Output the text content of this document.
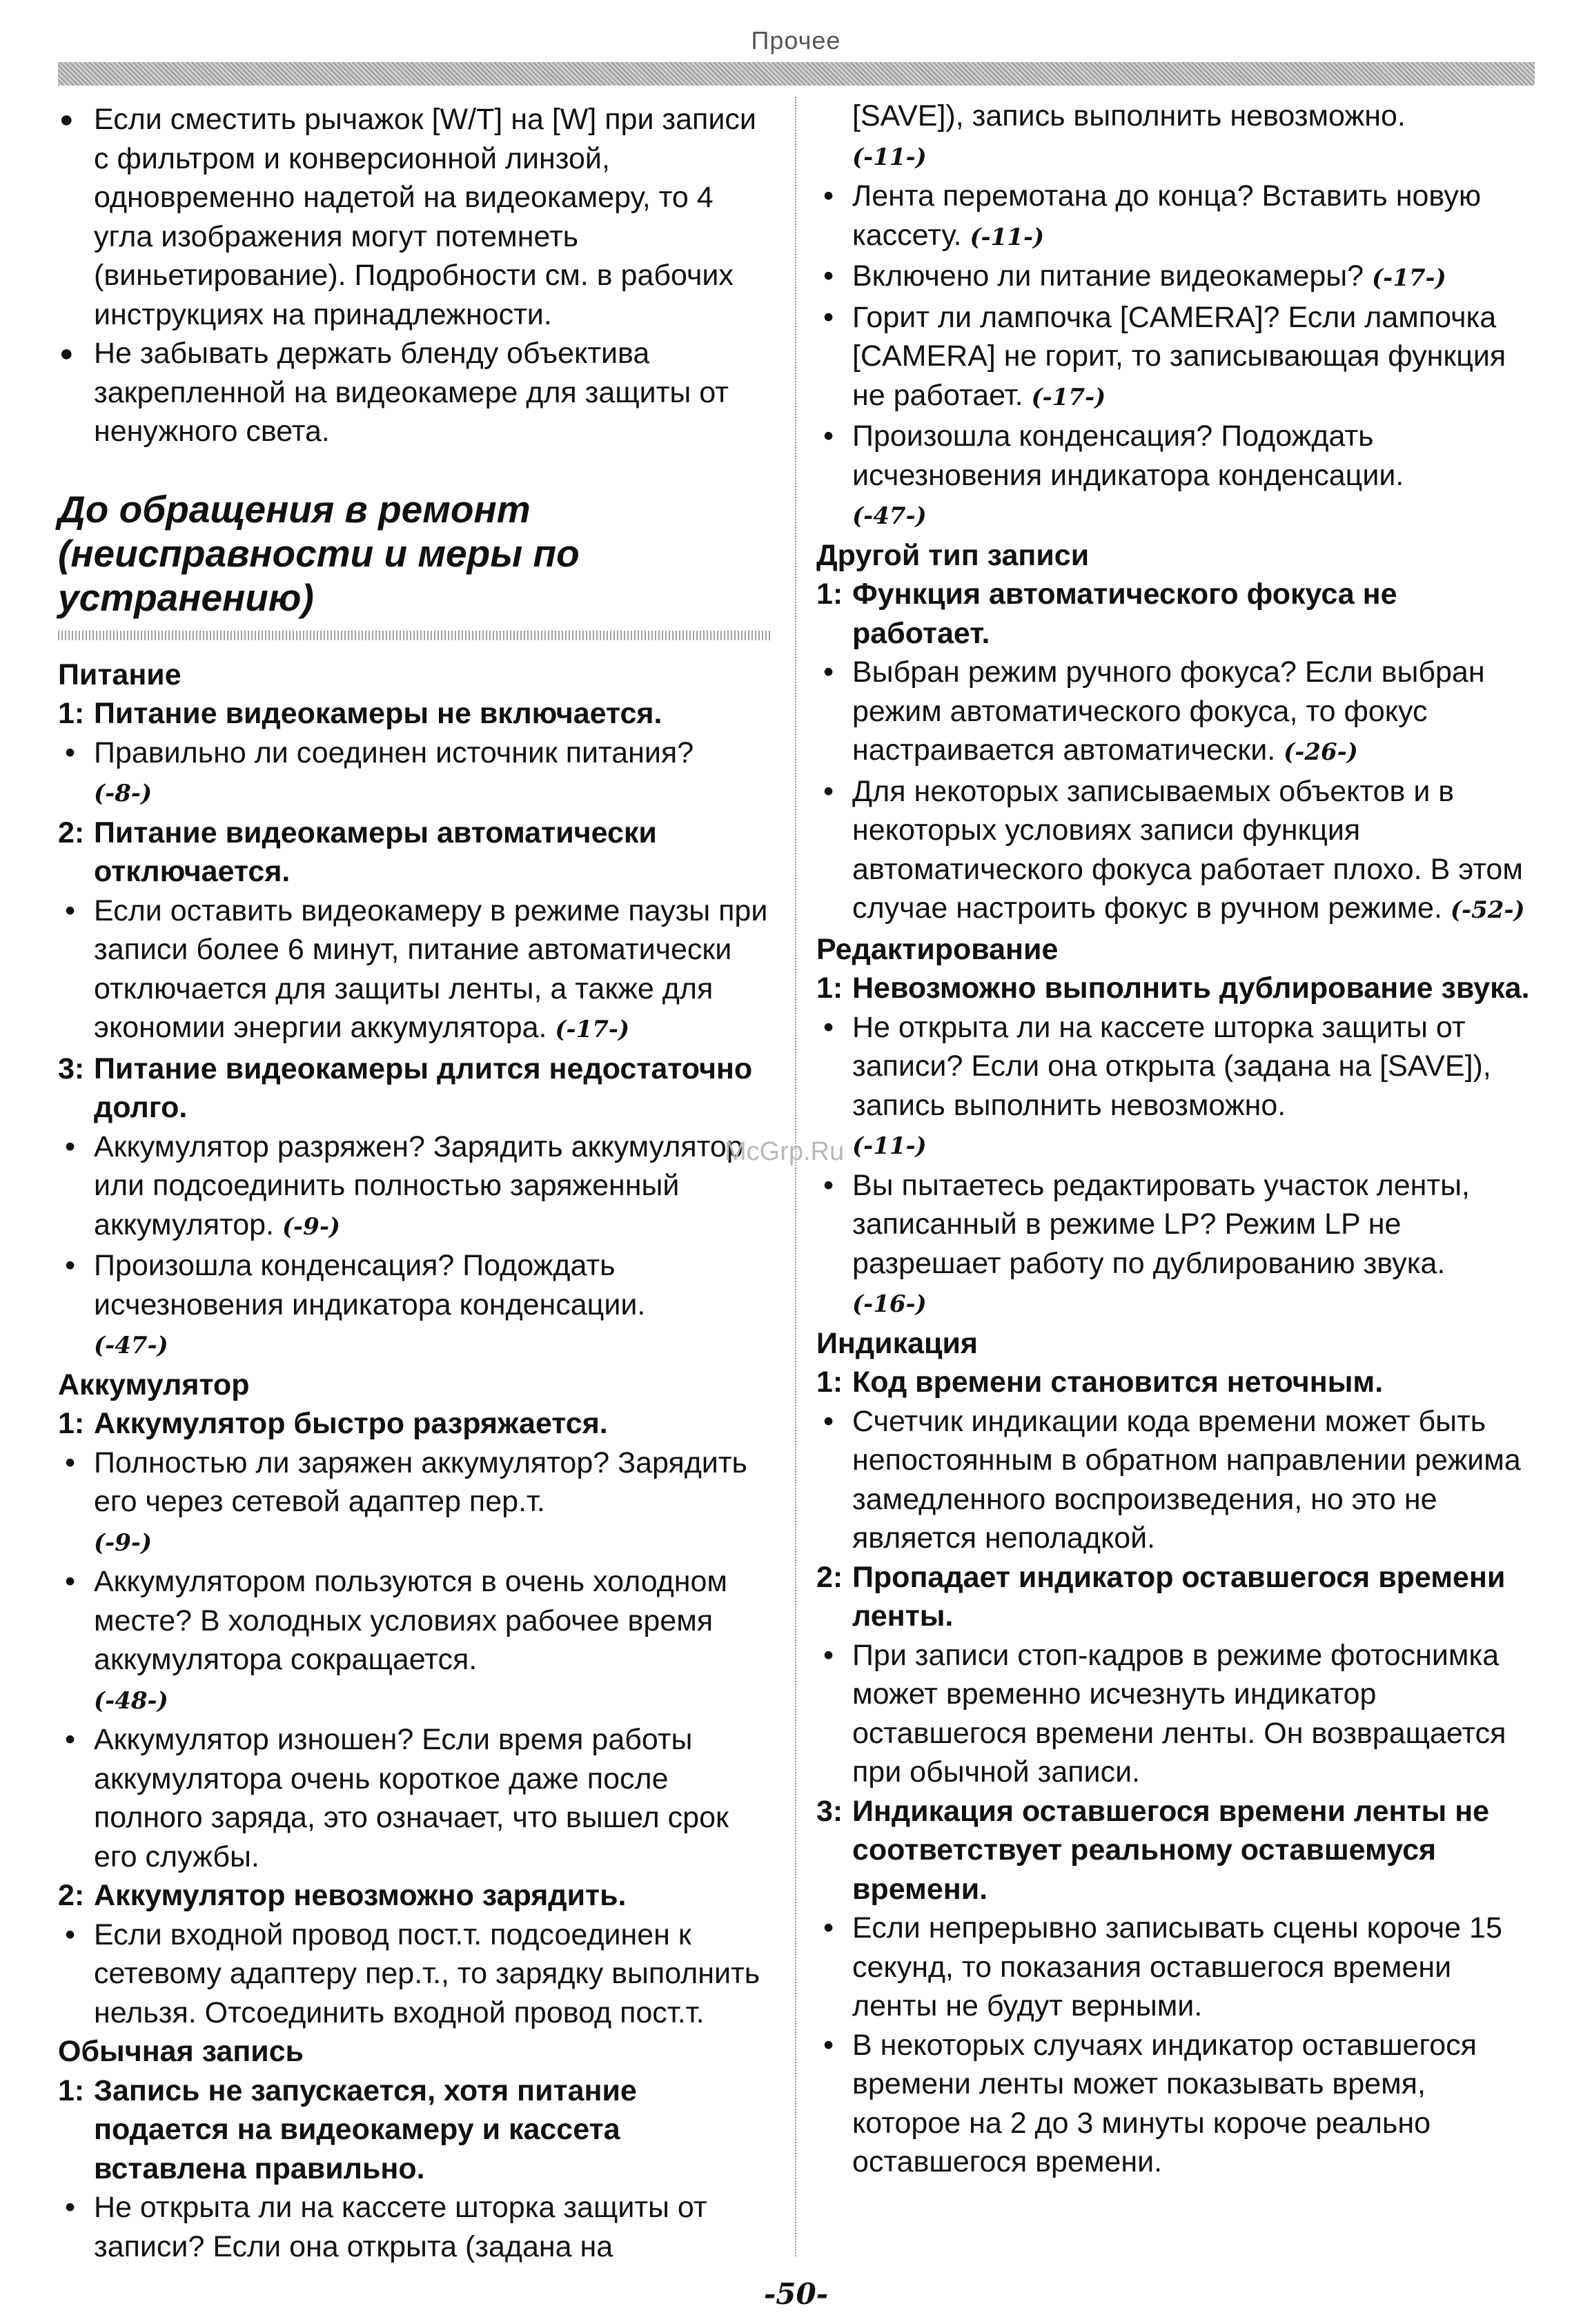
Прочее
● Если сместить рычажок [W/T] на [W] при записи с фильтром и конверсионной линзой, одновременно надетой на видеокамеру, то 4 угла изображения могут потемнеть (виньетирование). Подробности см. в рабочих инструкциях на принадлежности.
● Не забывать держать бленду объектива закрепленной на видеокамере для защиты от ненужного света.
До обращения в ремонт (неисправности и меры по устранению)
Питание
1: Питание видеокамеры не включается.
• Правильно ли соединен источник питания?
(-8-)
2: Питание видеокамеры автоматически отключается.
• Если оставить видеокамеру в режиме паузы при записи более 6 минут, питание автоматически отключается для защиты ленты, а также для экономии энергии аккумулятора. (-17-)
3: Питание видеокамеры длится недостаточно долго.
• Аккумулятор разряжен? Зарядить аккумулятор или подсоединить полностью заряженный аккумулятор. (-9-)
• Произошла конденсация? Подождать исчезновения индикатора конденсации.
(-47-)
Аккумулятор
1: Аккумулятор быстро разряжается.
• Полностью ли заряжен аккумулятор? Зарядить его через сетевой адаптер пер.т.
(-9-)
• Аккумулятором пользуются в очень холодном месте? В холодных условиях рабочее время аккумулятора сокращается.
(-48-)
• Аккумулятор изношен? Если время работы аккумулятора очень короткое даже после полного заряда, это означает, что вышел срок его службы.
2: Аккумулятор невозможно зарядить.
• Если входной провод пост.т. подсоединен к сетевому адаптеру пер.т., то зарядку выполнить нельзя. Отсоединить входной провод пост.т.
Обычная запись
1: Запись не запускается, хотя питание подается на видеокамеру и кассета вставлена правильно.
• Не открыта ли на кассете шторка защиты от записи? Если она открыта (задана на
[SAVE]), запись выполнить невозможно.
(-11-)
• Лента перемотана до конца? Вставить новую кассету. (-11-)
• Включено ли питание видеокамеры? (-17-)
• Горит ли лампочка [CAMERA]? Если лампочка [CAMERA] не горит, то записывающая функция не работает. (-17-)
• Произошла конденсация? Подождать исчезновения индикатора конденсации.
(-47-)
Другой тип записи
1: Функция автоматического фокуса не работает.
• Выбран режим ручного фокуса? Если выбран режим автоматического фокуса, то фокус настраивается автоматически. (-26-)
• Для некоторых записываемых объектов и в некоторых условиях записи функция автоматического фокуса работает плохо. В этом случае настроить фокус в ручном режиме. (-52-)
Редактирование
1: Невозможно выполнить дублирование звука.
• Не открыта ли на кассете шторка защиты от записи? Если она открыта (задана на [SAVE]), запись выполнить невозможно.
(-11-)
• Вы пытаетесь редактировать участок ленты, записанный в режиме LP? Режим LP не разрешает работу по дублированию звука.
(-16-)
Индикация
1: Код времени становится неточным.
• Счетчик индикации кода времени может быть непостоянным в обратном направлении режима замедленного воспроизведения, но это не является неполадкой.
2: Пропадает индикатор оставшегося времени ленты.
• При записи стоп-кадров в режиме фотоснимка может временно исчезнуть индикатор оставшегося времени ленты. Он возвращается при обычной записи.
3: Индикация оставшегося времени ленты не соответствует реальному оставшемуся времени.
• Если непрерывно записывать сцены короче 15 секунд, то показания оставшегося времени ленты не будут верными.
• В некоторых случаях индикатор оставшегося времени ленты может показывать время, которое на 2 до 3 минуты короче реально оставшегося времени.
McGrp.Ru
-50-
